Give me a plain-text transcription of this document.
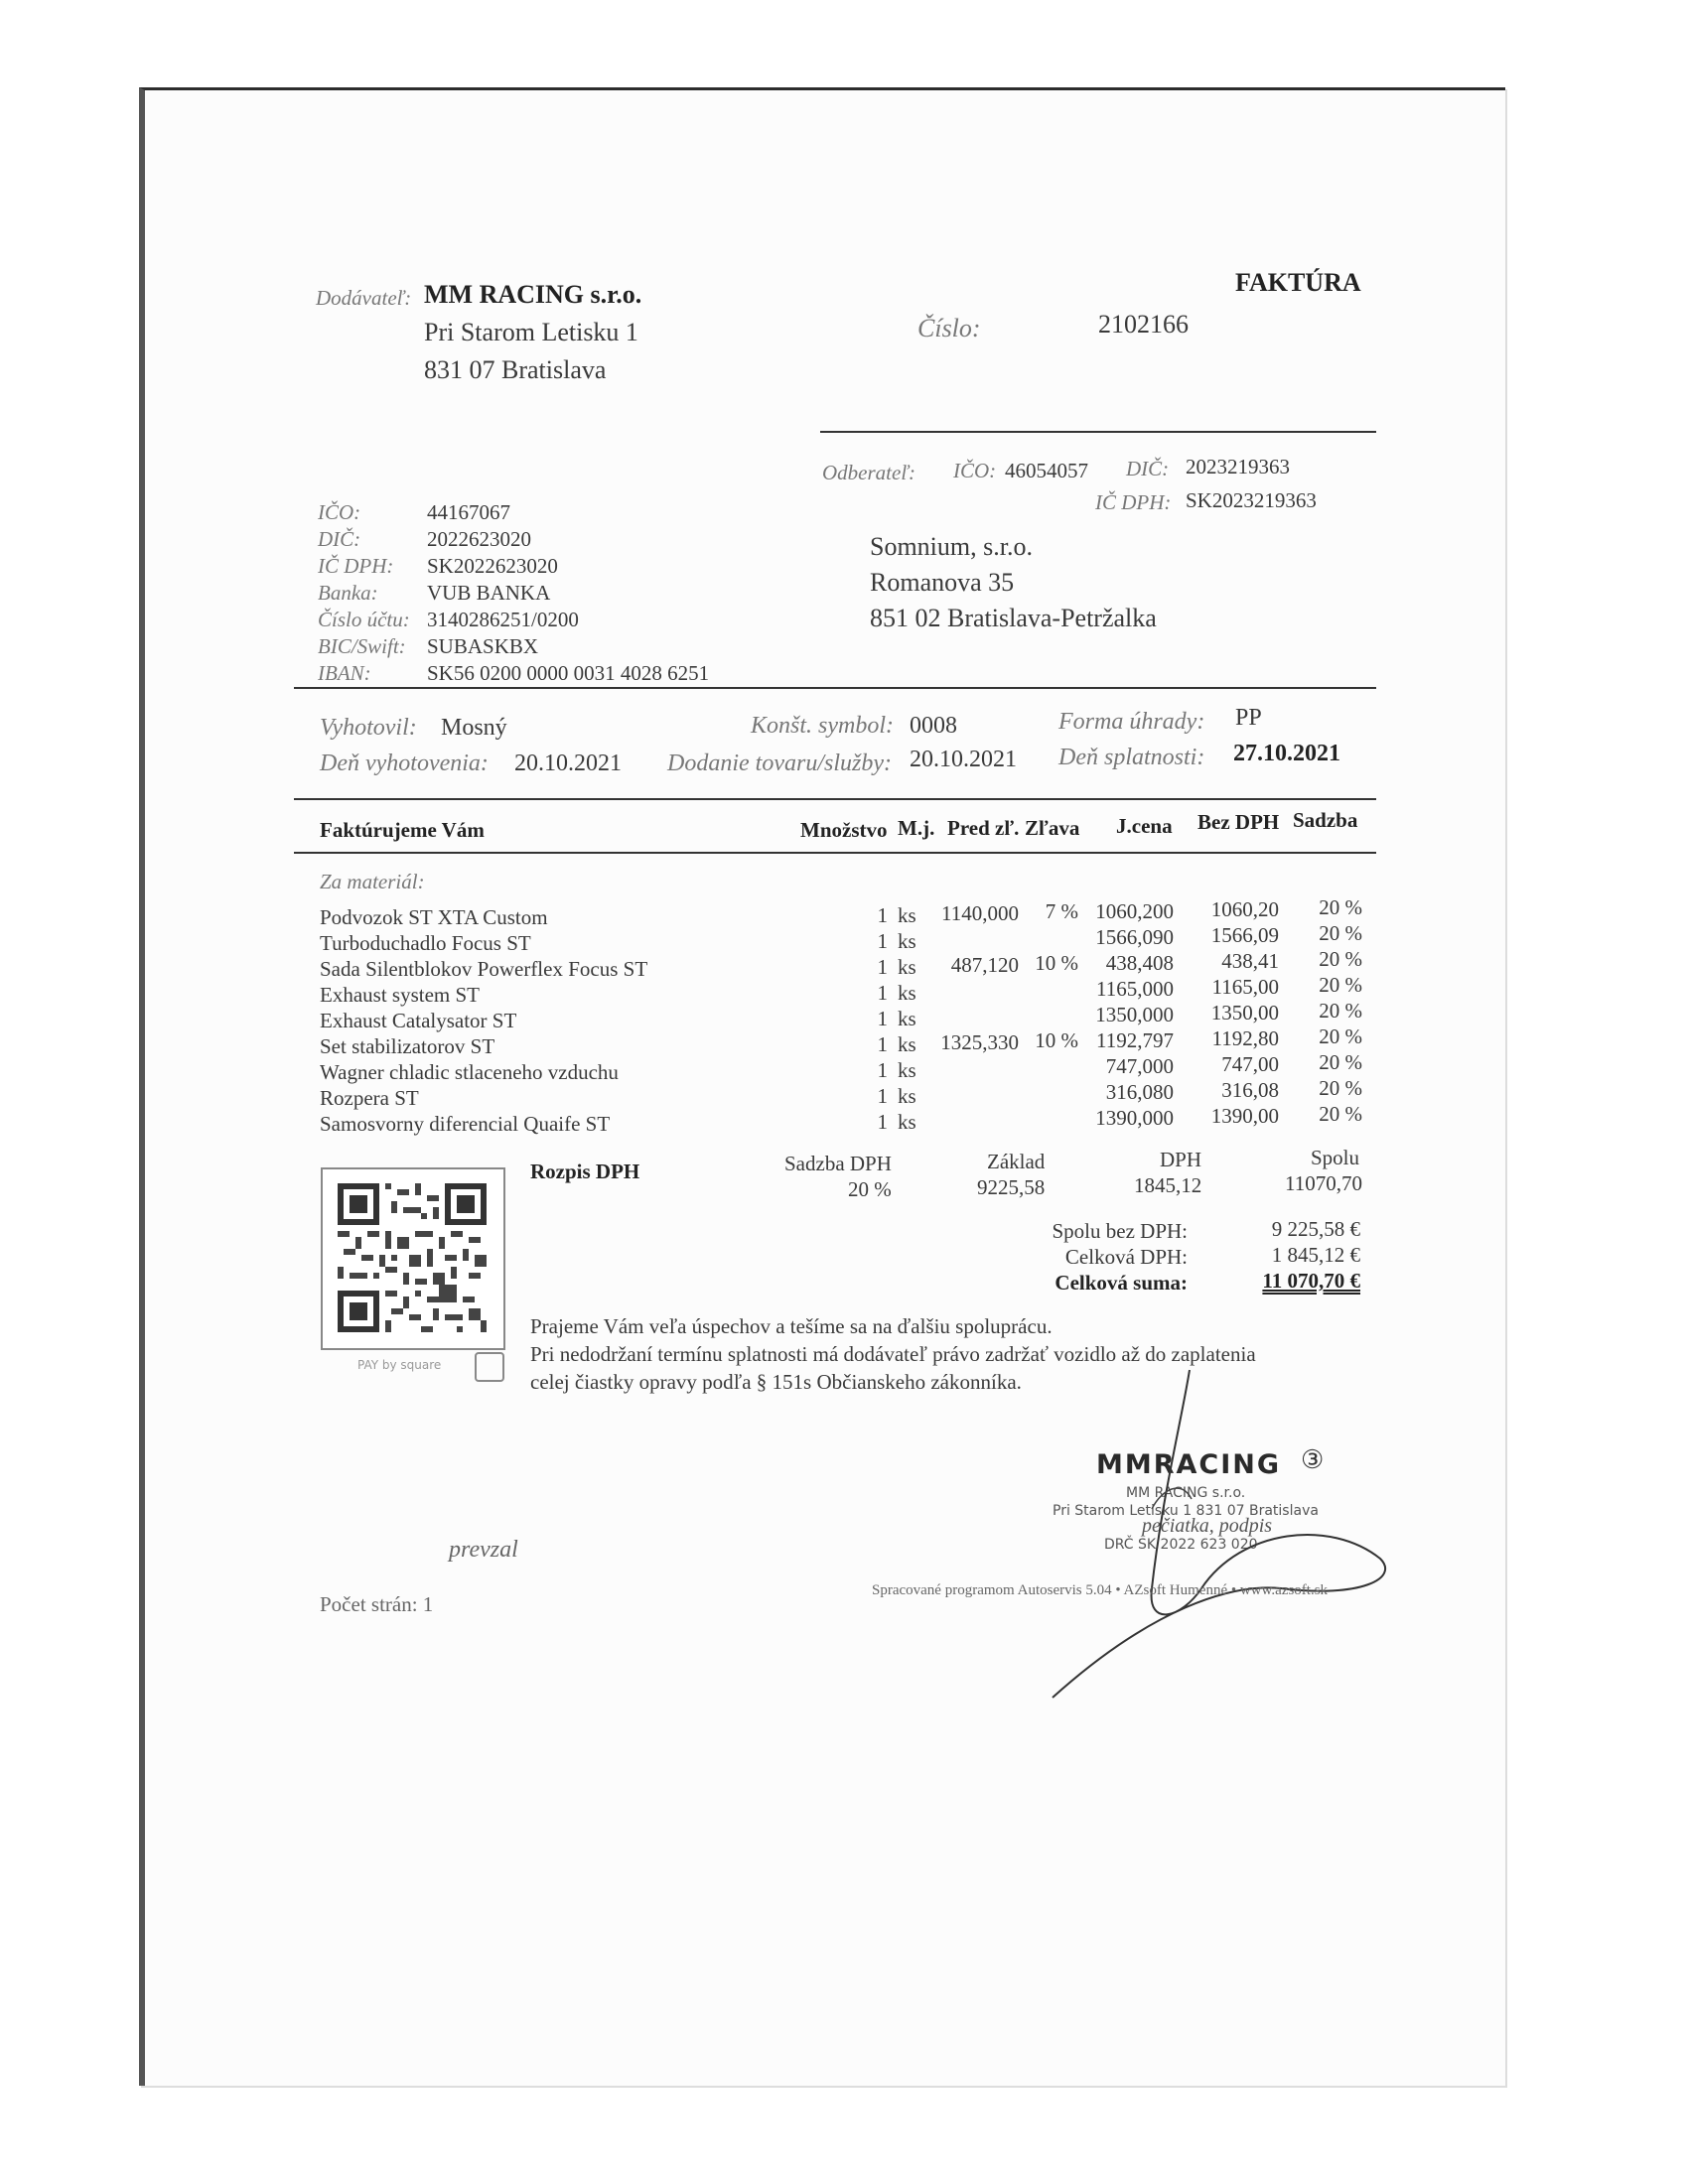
FAKTÚRA
Dodávateľ: MM RACING s.r.o.
Pri Starom Letisku 1
831 07 Bratislava
Číslo:	2102166
Odberateľ: IČO: 46054057 DIČ: 2023219363
IČ DPH: SK2023219363
Somnium, s.r.o.
Romanova 35
851 02 Bratislava-Petržalka
IČO:	44167067
DIČ:	2022623020
IČ DPH: SK2022623020
Banka: VUB BANKA
Číslo účtu: 3140286251/0200
BIC/Swift: SUBASKBX
IBAN:	SK56 0200 0000 0031 4028 6251
Vyhotovil: Mosný	Konšt. symbol: 0008	Forma úhrady: PP
Deň vyhotovenia: 20.10.2021 Dodanie tovaru/služby: 20.10.2021 Deň splatnosti: 27.10.2021
Faktúrujeme Vám	Množstvo M.j. Pred zľ. Zľava J.cena Bez DPH Sadzba
Za materiál:
Podvozok ST XTA Custom	1 ks	1140,000	7 % 1060,200	1060,20	20 %
Turboduchadlo Focus ST	1 ks	1566,090	1566,09	20 %
Sada Silentblokov Powerflex Focus ST	1 ks	487,120 10 %	438,408	438,41	20 %
Exhaust system ST	1 ks	1165,000	1165,00	20 %
Exhaust Catalysator ST	1 ks	1350,000	1350,00	20 %
Set stabilizatorov ST	1 ks	1325,330 10 % 1192,797	1192,80	20 %
Wagner chladic stlaceneho vzduchu	1 ks	747,000	747,00	20 %
Rozpera ST	1 ks	316,080	316,08	20 %
Samosvorny diferencial Quaife ST	1 ks	1390,000	1390,00	20 %
PAY by square
Rozpis DPH	Sadzba DPH	Základ	DPH	Spolu
20 %	9225,58	1845,12	11070,70
Spolu bez DPH:	9 225,58 €
Celková DPH:	1 845,12 €
Celková suma:	11 070,70 €
Prajeme Vám veľa úspechov a tešíme sa na ďalšiu spoluprácu.
Pri nedodržaní termínu splatnosti má dodávateľ právo zadržať vozidlo až do zaplatenia
celej čiastky opravy podľa § 151s Občianskeho zákonníka.
MMRACING ③
MM RACING s.r.o.
Pri Starom Letisku 1 831 07 Bratislava
DRČ SK 2022 623 020
pečiatka, podpis
prevzal
Počet strán: 1
Spracované programom Autoservis 5.04 • AZsoft Humenné • www.azsoft.sk
